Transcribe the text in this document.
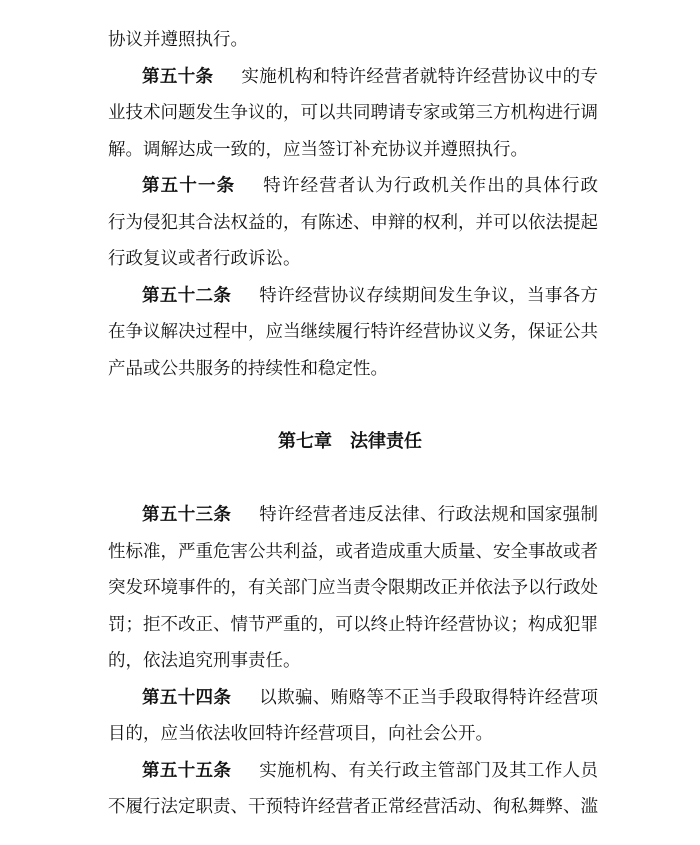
协议并遵照执行。
第五十条 实施机构和特许经营者就特许经营协议中的专
业技术问题发生争议的，可以共同聘请专家或第三方机构进行调
解。调解达成一致的，应当签订补充协议并遵照执行。
第五十一条 特许经营者认为行政机关作出的具体行政
行为侵犯其合法权益的，有陈述、申辩的权利，并可以依法提起
行政复议或者行政诉讼。
第五十二条 特许经营协议存续期间发生争议，当事各方
在争议解决过程中，应当继续履行特许经营协议义务，保证公共
产品或公共服务的持续性和稳定性。
第七章 法律责任
第五十三条 特许经营者违反法律、行政法规和国家强制
性标准，严重危害公共利益，或者造成重大质量、安全事故或者
突发环境事件的，有关部门应当责令限期改正并依法予以行政处
罚；拒不改正、情节严重的，可以终止特许经营协议；构成犯罪
的，依法追究刑事责任。
第五十四条 以欺骗、贿赂等不正当手段取得特许经营项
目的，应当依法收回特许经营项目，向社会公开。
第五十五条 实施机构、有关行政主管部门及其工作人员
不履行法定职责、干预特许经营者正常经营活动、徇私舞弊、滥
